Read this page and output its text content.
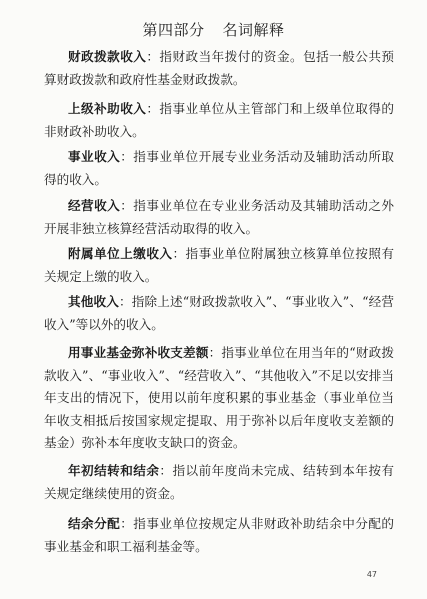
第四部分 名词解释

财政拨款收入：指财政当年拨付的资金。包括一般公共预算财政拨款和政府性基金财政拨款。

上级补助收入：指事业单位从主管部门和上级单位取得的非财政补助收入。

事业收入：指事业单位开展专业业务活动及辅助活动所取得的收入。

经营收入：指事业单位在专业业务活动及其辅助活动之外开展非独立核算经营活动取得的收入。

附属单位上缴收入：指事业单位附属独立核算单位按照有关规定上缴的收入。

其他收入：指除上述“财政拨款收入”、“事业收入”、“经营收入”等以外的收入。

用事业基金弥补收支差额：指事业单位在用当年的“财政拨款收入”、“事业收入”、“经营收入”、“其他收入”不足以安排当年支出的情况下，使用以前年度积累的事业基金（事业单位当年收支相抵后按国家规定提取、用于弥补以后年度收支差额的基金）弥补本年度收支缺口的资金。

年初结转和结余：指以前年度尚未完成、结转到本年按有关规定继续使用的资金。

结余分配：指事业单位按规定从非财政补助结余中分配的事业基金和职工福利基金等。

47
